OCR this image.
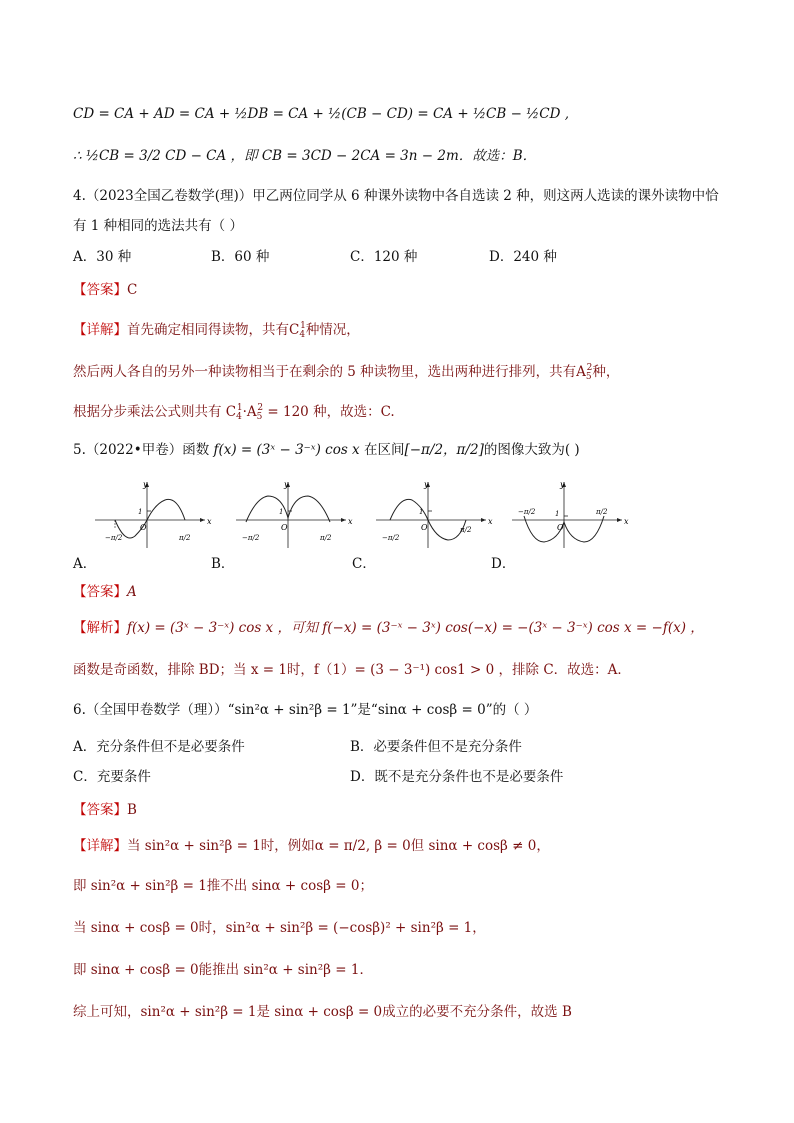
CD = CA + AD = CA + ½DB = CA + ½(CB − CD) = CA + ½CB − ½CD ,
∴ ½CB = 3/2 CD − CA ，即 CB = 3CD − 2CA = 3n − 2m．故选：B．
4.（2023全国乙卷数学(理)）甲乙两位同学从 6 种课外读物中各自选读 2 种，则这两人选读的课外读物中恰
有 1 种相同的选法共有（ ）
A．30 种	B．60 种	C．120 种	D．240 种
【答案】C
【详解】首先确定相同得读物，共有$C_4^1$种情况，
然后两人各自的另外一种读物相当于在剩余的 5 种读物里，选出两种进行排列，共有$A_5^2$种，
根据分步乘法公式则共有 $C_4^1\cdot A_5^2 = 120$ 种，故选：C.
5.（2022•甲卷）函数 f(x) = (3ˣ − 3⁻ˣ) cos x 在区间[−π/2，π/2]的图像大致为( )
y
x
O
1
−π/2	π/2
y
x
O
1
−π/2	π/2
y
x
O
1
−π/2
π/2
y
x
O
1
−π/2	π/2
A．	B．	C．	D．
【答案】A
【解析】f(x) = (3ˣ − 3⁻ˣ) cos x ，可知 f(−x) = (3⁻ˣ − 3ˣ) cos(−x) = −(3ˣ − 3⁻ˣ) cos x = −f(x) ，
函数是奇函数，排除 BD；当 x = 1时，f（1）= (3 − 3⁻¹) cos1 > 0 ，排除 C．故选：A．
6.（全国甲卷数学（理））“sin²α + sin²β = 1”是“sinα + cosβ = 0”的（ ）
A．充分条件但不是必要条件	B．必要条件但不是充分条件
C．充要条件	D．既不是充分条件也不是必要条件
【答案】B
【详解】当 sin²α + sin²β = 1时，例如α = π/2, β = 0但 sinα + cosβ ≠ 0，
即 sin²α + sin²β = 1推不出 sinα + cosβ = 0；
当 sinα + cosβ = 0时，sin²α + sin²β = (−cosβ)² + sin²β = 1，
即 sinα + cosβ = 0能推出 sin²α + sin²β = 1．
综上可知，sin²α + sin²β = 1是 sinα + cosβ = 0成立的必要不充分条件，故选 B
